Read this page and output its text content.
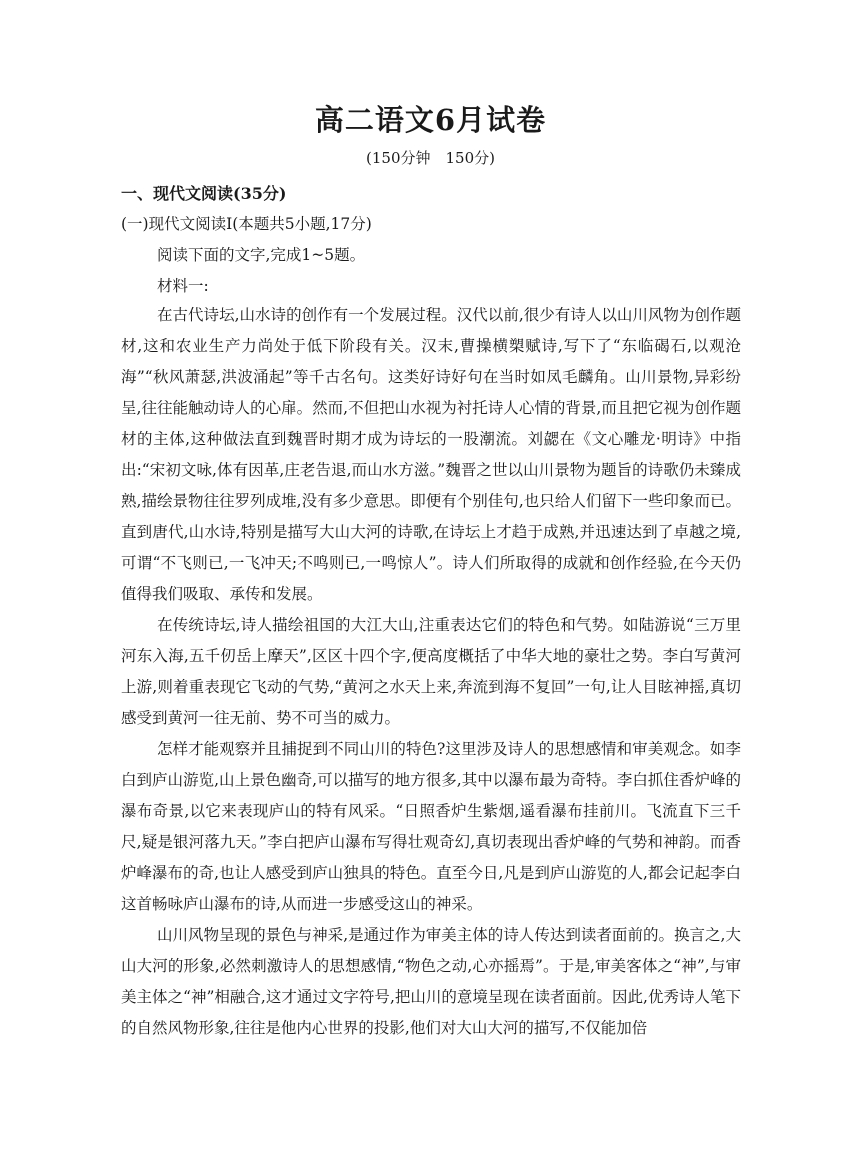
高二语文6月试卷
(150分钟　150分)
一、现代文阅读(35分)
(一)现代文阅读Ⅰ(本题共5小题,17分)
阅读下面的文字,完成1~5题。
材料一:

在古代诗坛,山水诗的创作有一个发展过程。汉代以前,很少有诗人以山川风物为创作题材,这和农业生产力尚处于低下阶段有关。汉末,曹操横槊赋诗,写下了“东临碣石,以观沧海”“秋风萧瑟,洪波涌起”等千古名句。这类好诗好句在当时如凤毛麟角。山川景物,异彩纷呈,往往能触动诗人的心扉。然而,不但把山水视为衬托诗人心情的背景,而且把它视为创作题材的主体,这种做法直到魏晋时期才成为诗坛的一股潮流。刘勰在《文心雕龙·明诗》中指出:“宋初文咏,体有因革,庄老告退,而山水方滋。”魏晋之世以山川景物为题旨的诗歌仍未臻成熟,描绘景物往往罗列成堆,没有多少意思。即便有个别佳句,也只给人们留下一些印象而已。直到唐代,山水诗,特别是描写大山大河的诗歌,在诗坛上才趋于成熟,并迅速达到了卓越之境,可谓“不飞则已,一飞冲天;不鸣则已,一鸣惊人”。诗人们所取得的成就和创作经验,在今天仍值得我们吸取、承传和发展。

在传统诗坛,诗人描绘祖国的大江大山,注重表达它们的特色和气势。如陆游说“三万里河东入海,五千仞岳上摩天”,区区十四个字,便高度概括了中华大地的豪壮之势。李白写黄河上游,则着重表现它飞动的气势,“黄河之水天上来,奔流到海不复回”一句,让人目眩神摇,真切感受到黄河一往无前、势不可当的威力。

怎样才能观察并且捕捉到不同山川的特色?这里涉及诗人的思想感情和审美观念。如李白到庐山游览,山上景色幽奇,可以描写的地方很多,其中以瀑布最为奇特。李白抓住香炉峰的瀑布奇景,以它来表现庐山的特有风采。“日照香炉生紫烟,遥看瀑布挂前川。飞流直下三千尺,疑是银河落九天。”李白把庐山瀑布写得壮观奇幻,真切表现出香炉峰的气势和神韵。而香炉峰瀑布的奇,也让人感受到庐山独具的特色。直至今日,凡是到庐山游览的人,都会记起李白这首畅咏庐山瀑布的诗,从而进一步感受这山的神采。

山川风物呈现的景色与神采,是通过作为审美主体的诗人传达到读者面前的。换言之,大山大河的形象,必然刺激诗人的思想感情,“物色之动,心亦摇焉”。于是,审美客体之“神”,与审美主体之“神”相融合,这才通过文字符号,把山川的意境呈现在读者面前。因此,优秀诗人笔下的自然风物形象,往往是他内心世界的投影,他们对大山大河的描写,不仅能加倍
